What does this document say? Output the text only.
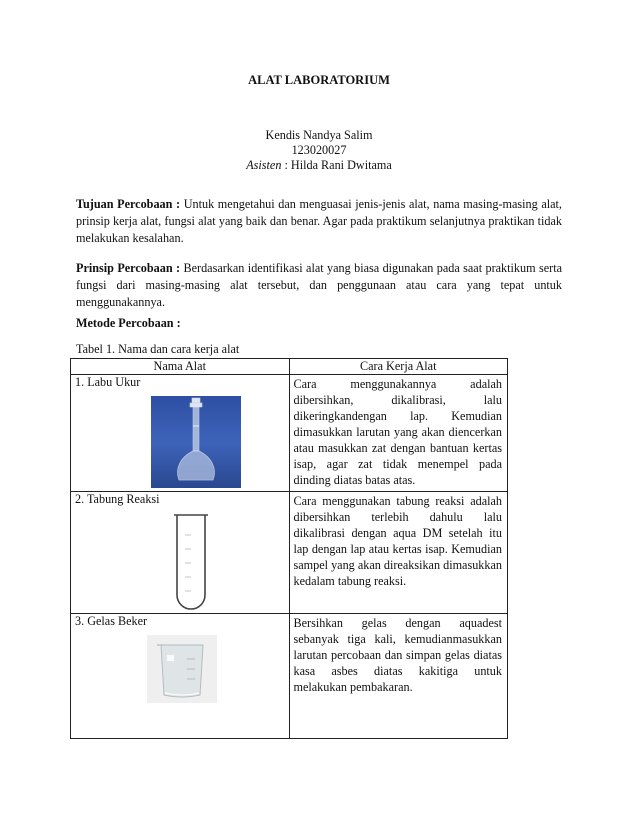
ALAT LABORATORIUM
Kendis Nandya Salim
123020027
Asisten : Hilda Rani Dwitama
Tujuan Percobaan : Untuk mengetahui dan menguasai jenis-jenis alat, nama masing-masing alat, prinsip kerja alat, fungsi alat yang baik dan benar. Agar pada praktikum selanjutnya praktikan tidak melakukan kesalahan.
Prinsip Percobaan : Berdasarkan identifikasi alat yang biasa digunakan pada saat praktikum serta fungsi dari masing-masing alat tersebut, dan penggunaan atau cara yang tepat untuk menggunakannya.
Metode Percobaan :
Tabel 1. Nama dan cara kerja alat
Nama Alat	Cara Kerja Alat

1. Labu Ukur	Cara menggunakannya adalah dibersihkan, dikalibrasi, lalu dikeringkandengan lap. Kemudian dimasukkan larutan yang akan diencerkan atau masukkan zat dengan bantuan kertas isap, agar zat tidak menempel pada dinding diatas batas atas.

2. Tabung Reaksi	Cara menggunakan tabung reaksi adalah dibersihkan terlebih dahulu lalu dikalibrasi dengan aqua DM setelah itu lap dengan lap atau kertas isap. Kemudian sampel yang akan direaksikan dimasukkan kedalam tabung reaksi.

3. Gelas Beker	Bersihkan gelas dengan aquadest sebanyak tiga kali, kemudianmasukkan larutan percobaan dan simpan gelas diatas kasa asbes diatas kakitiga untuk melakukan pembakaran.
